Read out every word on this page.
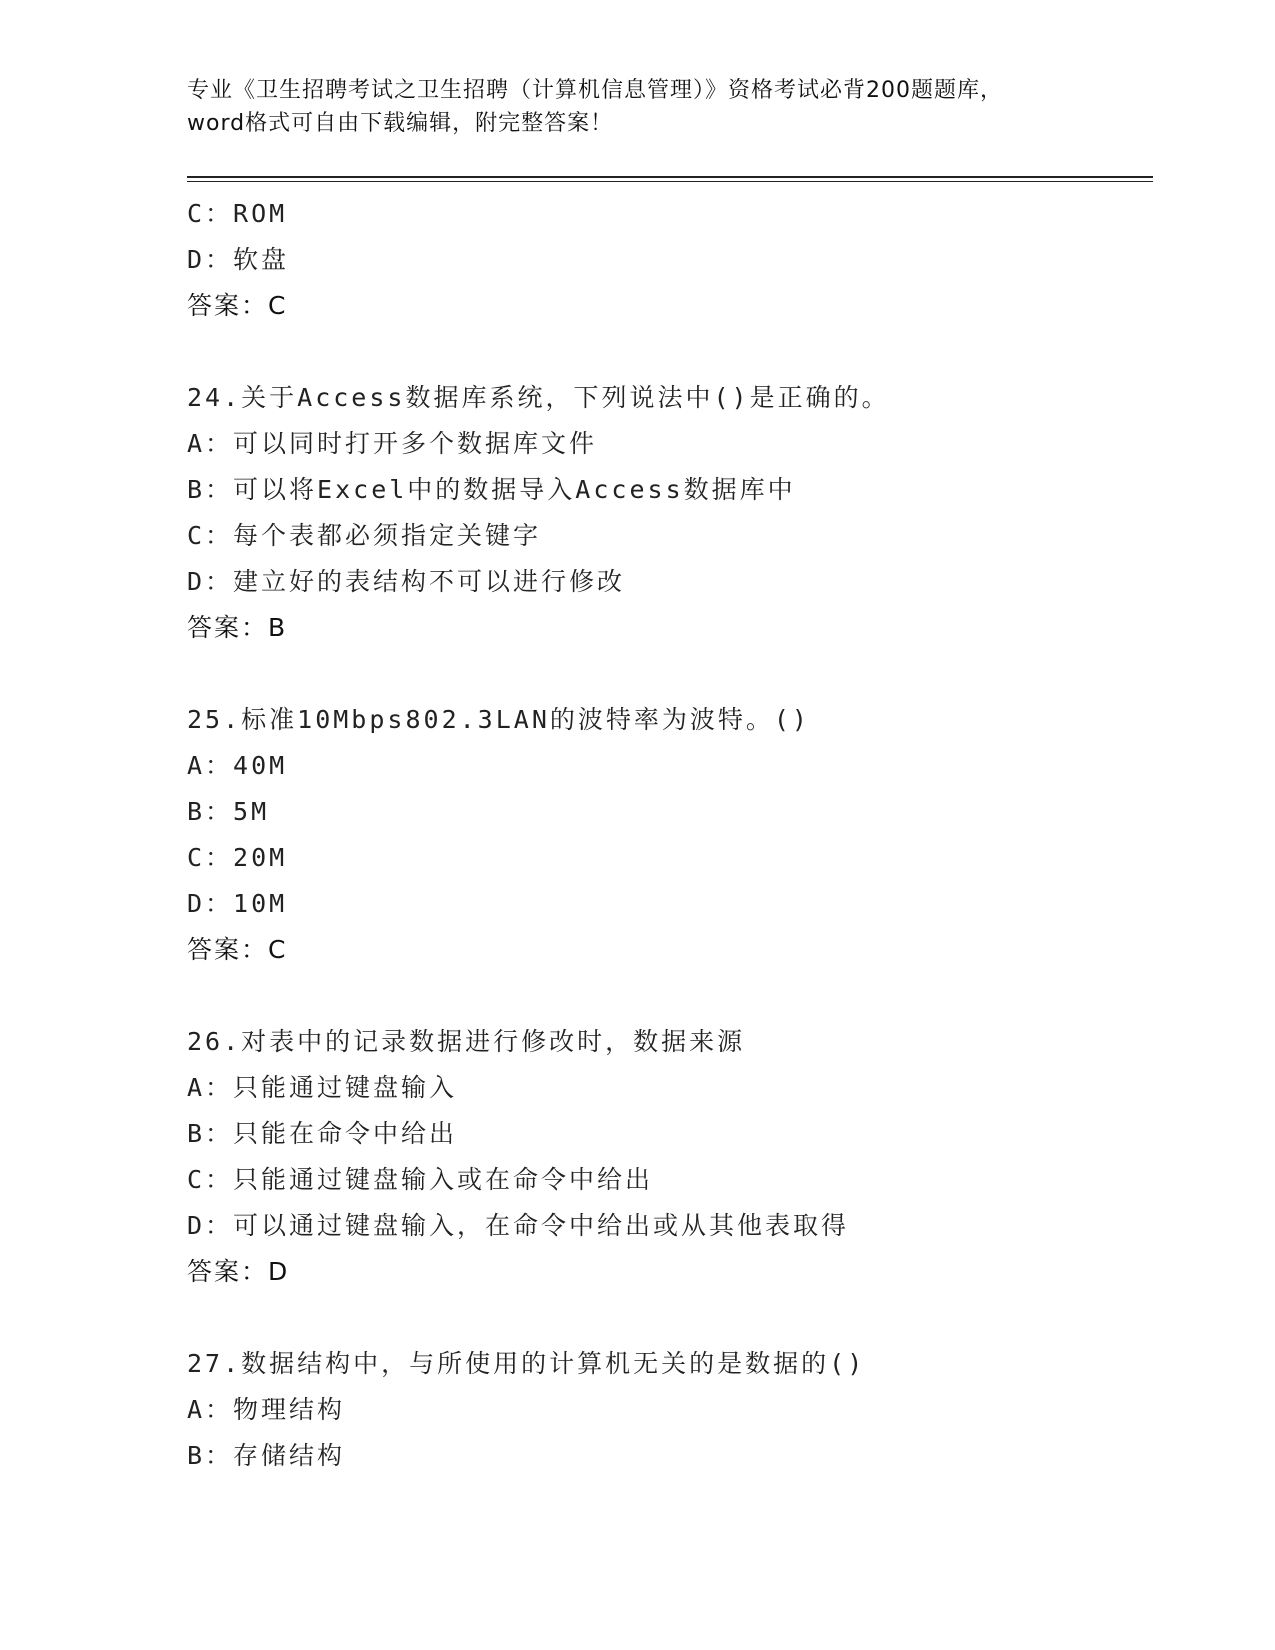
专业《卫生招聘考试之卫生招聘（计算机信息管理）》资格考试必背200题题库，
word格式可自由下载编辑，附完整答案！
C：ROM
D：软盘
答案：C
24.关于Access数据库系统，下列说法中()是正确的。
A：可以同时打开多个数据库文件
B：可以将Excel中的数据导入Access数据库中
C：每个表都必须指定关键字
D：建立好的表结构不可以进行修改
答案：B
25.标准10Mbps802.3LAN的波特率为波特。()
A：40M
B：5M
C：20M
D：10M
答案：C
26.对表中的记录数据进行修改时，数据来源
A：只能通过键盘输入
B：只能在命令中给出
C：只能通过键盘输入或在命令中给出
D：可以通过键盘输入，在命令中给出或从其他表取得
答案：D
27.数据结构中，与所使用的计算机无关的是数据的()
A：物理结构
B：存储结构
